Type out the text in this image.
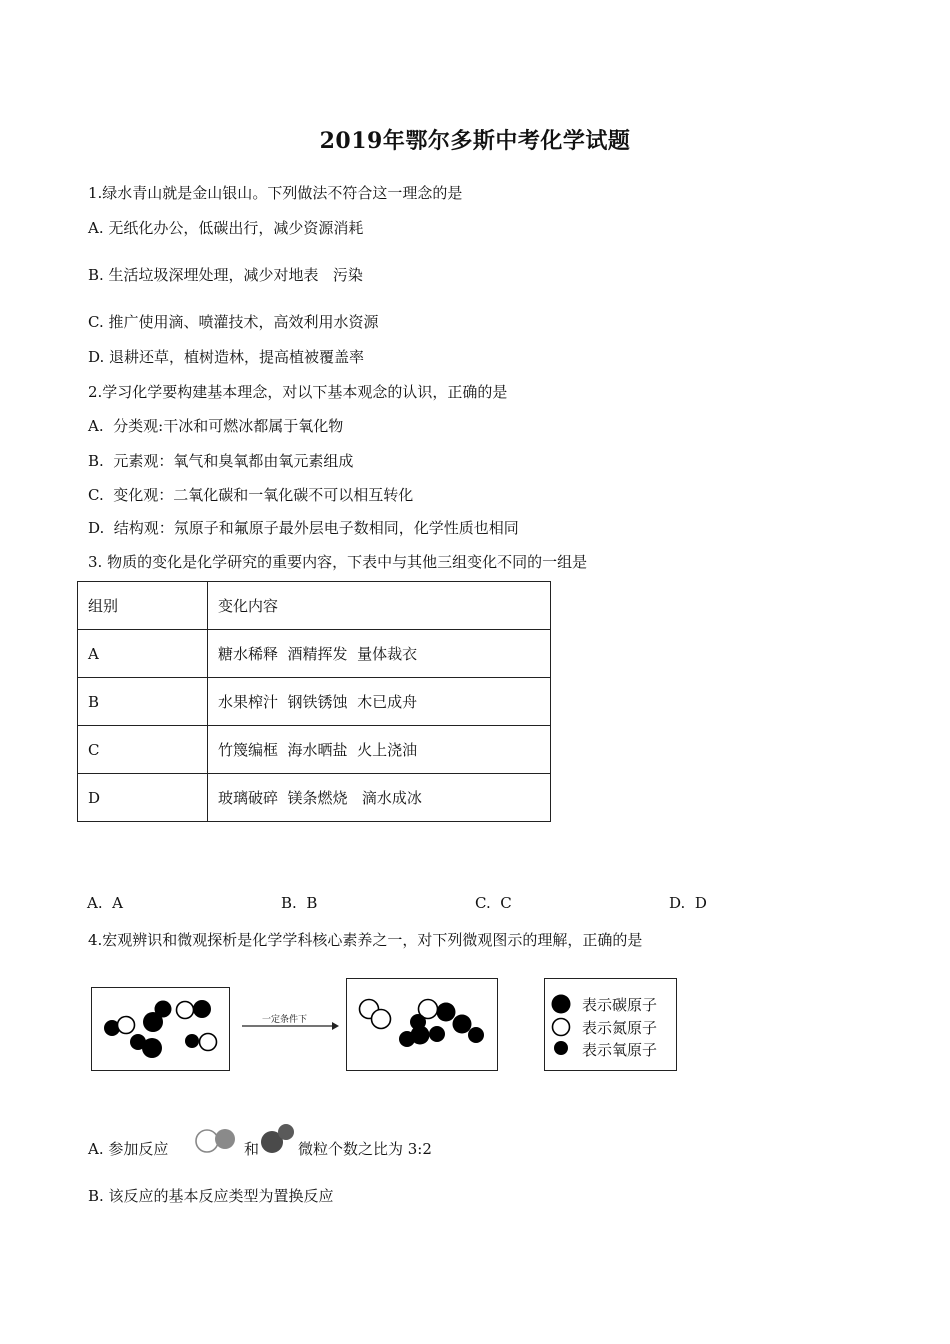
2019年鄂尔多斯中考化学试题
1.绿水青山就是金山银山。下列做法不符合这一理念的是
A. 无纸化办公，低碳出行，减少资源消耗
B. 生活垃圾深埋处理，减少对地表   污染
C. 推广使用滴、喷灌技术，高效利用水资源
D. 退耕还草，植树造林，提高植被覆盖率
2.学习化学要构建基本理念，对以下基本观念的认识，正确的是
A.  分类观:干冰和可燃冰都属于氧化物
B.  元素观：氧气和臭氧都由氧元素组成
C.  变化观：二氧化碳和一氧化碳不可以相互转化
D.  结构观：氖原子和氟原子最外层电子数相同，化学性质也相同
3. 物质的变化是化学研究的重要内容，下表中与其他三组变化不同的一组是
组别	变化内容
A	糖水稀释  酒精挥发  量体裁衣
B	水果榨汁  钢铁锈蚀  木已成舟
C	竹篾编框  海水晒盐  火上浇油
D	玻璃破碎  镁条燃烧   滴水成冰
A. A	B. B	C. C	D. D
4.宏观辨识和微观探析是化学学科核心素养之一，对下列微观图示的理解，正确的是
一定条件下
表示碳原子
表示氮原子
表示氧原子
A. 参加反应	和	微粒个数之比为 3:2
B. 该反应的基本反应类型为置换反应
